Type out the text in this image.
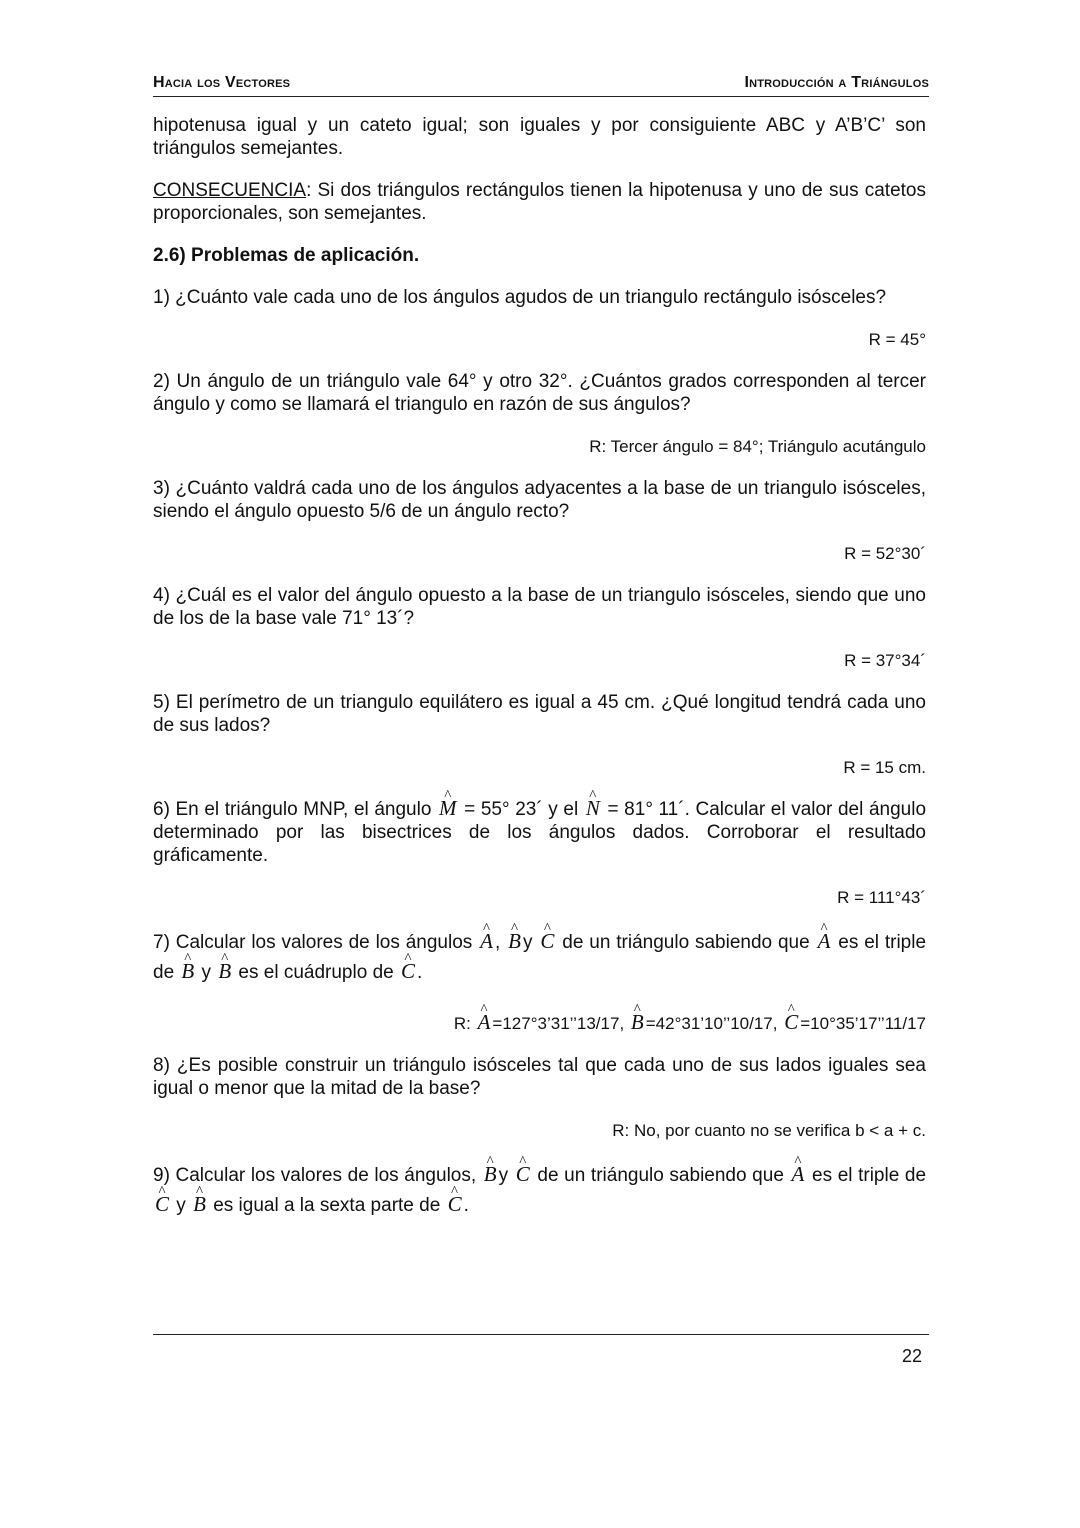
Hacia los Vectores	Introducción a Triángulos

hipotenusa igual y un cateto igual; son iguales y por consiguiente ABC y A’B’C’ son triángulos semejantes.

CONSECUENCIA: Si dos triángulos rectángulos tienen la hipotenusa y uno de sus catetos proporcionales, son semejantes.

2.6) Problemas de aplicación.

1) ¿Cuánto vale cada uno de los ángulos agudos de un triangulo rectángulo isósceles?

R = 45°

2) Un ángulo de un triángulo vale 64° y otro 32°. ¿Cuántos grados corresponden al tercer ángulo y como se llamará el triangulo en razón de sus ángulos?

R: Tercer ángulo = 84°; Triángulo acutángulo

3) ¿Cuánto valdrá cada uno de los ángulos adyacentes a la base de un triangulo isósceles, siendo el ángulo opuesto 5/6 de un ángulo recto?

R = 52°30´

4) ¿Cuál es el valor del ángulo opuesto a la base de un triangulo isósceles, siendo que uno de los de la base vale 71° 13´?

R = 37°34´

5) El perímetro de un triangulo equilátero es igual a 45 cm. ¿Qué longitud tendrá cada uno de sus lados?

R = 15 cm.

6) En el triángulo MNP, el ángulo ^ M = 55° 23´ y el ^ N = 81° 11´. Calcular el valor del ángulo determinado por las bisectrices de los ángulos dados. Corroborar el resultado gráficamente.

R = 111°43´

7) Calcular los valores de los ángulos ^ A , ^ B y ^ C de un triángulo sabiendo que ^ A es el triple de ^ B y ^ B es el cuádruplo de ^ C .

R: ^ A =127°3’31’’13/17, ^ B =42°31’10’’10/17, ^ C =10°35’17’’11/17

8) ¿Es posible construir un triángulo isósceles tal que cada uno de sus lados iguales sea igual o menor que la mitad de la base?

R: No, por cuanto no se verifica b < a + c.

9) Calcular los valores de los ángulos, ^ B y ^ C de un triángulo sabiendo que ^ A es el triple de ^ C y ^ B es igual a la sexta parte de ^ C .

22
